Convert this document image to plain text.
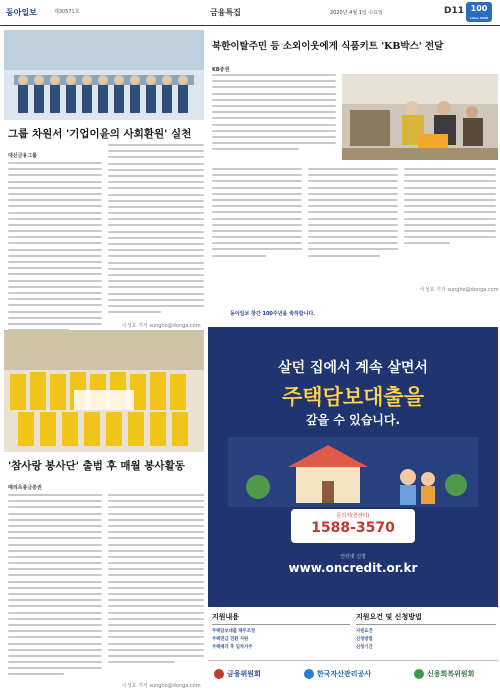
동아일보	제30571호	금융특집	2020년 4월 1일 수요일	D11 100
since 1920
북한이탈주민 등 소외이웃에게 식품키트 'KB박스' 전달
KB증권
이성호 기자 sungho@donga.com
동아일보 창간 100주년을 축하합니다.
그룹 차원서 '기업이윤의 사회환원' 실천
대신금융그룹
이성호 기자 sungho@donga.com
'참사랑 봉사단' 출범 후 매월 봉사활동
메리츠종금증권
이성호 기자 sungho@donga.com
살던 집에서 계속 살면서
주택담보대출을
갚을 수 있습니다.
문의처(콜센터)
1588-3570
인터넷 신청
www.oncredit.or.kr
지원내용
주택담보대출 채무조정
주택연금 전환 지원
주택매각 후 임차거주
지원요건 및 신청방법
지원요건
신청방법
신청기간
금융위원회	한국자산관리공사	신용회복위원회
